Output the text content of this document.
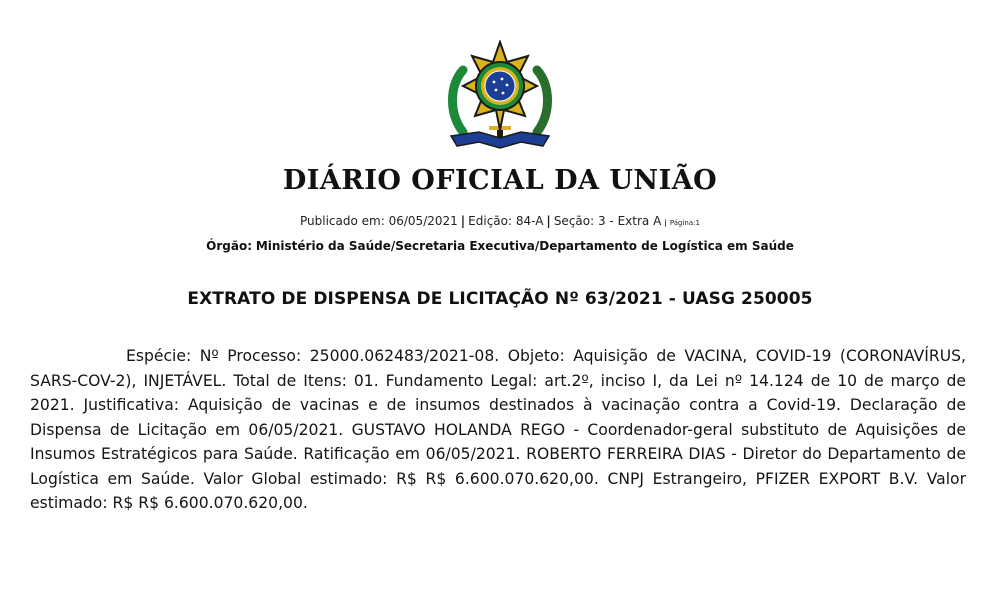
DIÁRIO OFICIAL DA UNIÃO
Publicado em: 06/05/2021 | Edição: 84-A | Seção: 3 - Extra A | Página:1
Órgão: Ministério da Saúde/Secretaria Executiva/Departamento de Logística em Saúde
EXTRATO DE DISPENSA DE LICITAÇÃO Nº 63/2021 - UASG 250005
Espécie: Nº Processo: 25000.062483/2021-08. Objeto: Aquisição de VACINA, COVID-19 (CORONAVÍRUS, SARS-COV-2), INJETÁVEL. Total de Itens: 01. Fundamento Legal: art.2º, inciso I, da Lei nº 14.124 de 10 de março de 2021. Justificativa: Aquisição de vacinas e de insumos destinados à vacinação contra a Covid-19. Declaração de Dispensa de Licitação em 06/05/2021. GUSTAVO HOLANDA REGO - Coordenador-geral substituto de Aquisições de Insumos Estratégicos para Saúde. Ratificação em 06/05/2021. ROBERTO FERREIRA DIAS - Diretor do Departamento de Logística em Saúde. Valor Global estimado: R$ R$ 6.600.070.620,00. CNPJ Estrangeiro, PFIZER EXPORT B.V. Valor estimado: R$ R$ 6.600.070.620,00.
